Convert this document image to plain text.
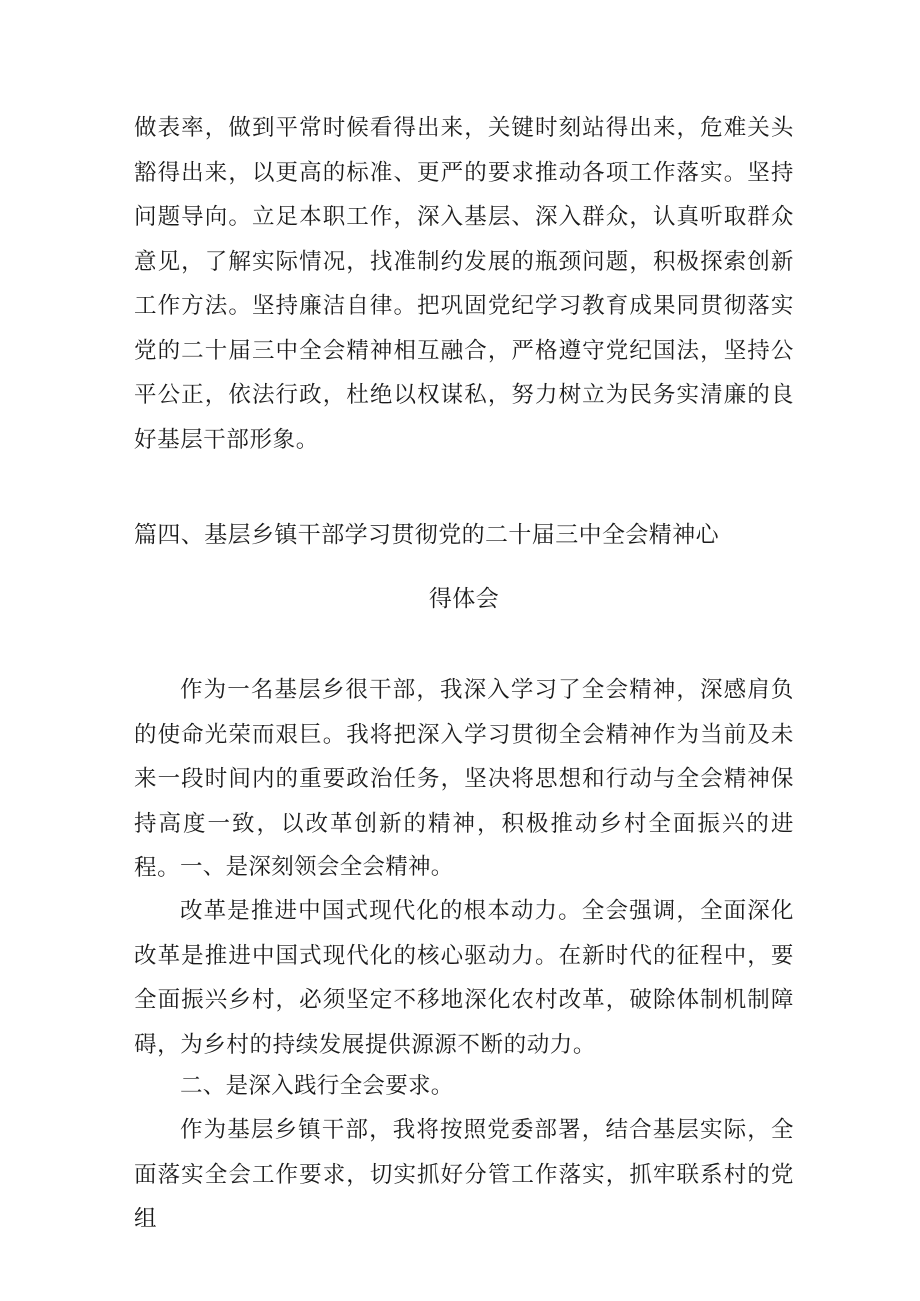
做表率，做到平常时候看得出来，关键时刻站得出来，危难关头豁得出来，以更高的标准、更严的要求推动各项工作落实。坚持问题导向。立足本职工作，深入基层、深入群众，认真听取群众意见，了解实际情况，找准制约发展的瓶颈问题，积极探索创新工作方法。坚持廉洁自律。把巩固党纪学习教育成果同贯彻落实党的二十届三中全会精神相互融合，严格遵守党纪国法，坚持公平公正，依法行政，杜绝以权谋私，努力树立为民务实清廉的良好基层干部形象。

篇四、基层乡镇干部学习贯彻党的二十届三中全会精神心
得体会

作为一名基层乡很干部，我深入学习了全会精神，深感肩负的使命光荣而艰巨。我将把深入学习贯彻全会精神作为当前及未来一段时间内的重要政治任务，坚决将思想和行动与全会精神保持高度一致，以改革创新的精神，积极推动乡村全面振兴的进程。 一、是深刻领会全会精神。

改革是推进中国式现代化的根本动力。全会强调，全面深化改革是推进中国式现代化的核心驱动力。在新时代的征程中，要全面振兴乡村，必须坚定不移地深化农村改革，破除体制机制障碍，为乡村的持续发展提供源源不断的动力。

二、是深入践行全会要求。

作为基层乡镇干部，我将按照党委部署，结合基层实际，全面落实全会工作要求，切实抓好分管工作落实，抓牢联系村的党组
